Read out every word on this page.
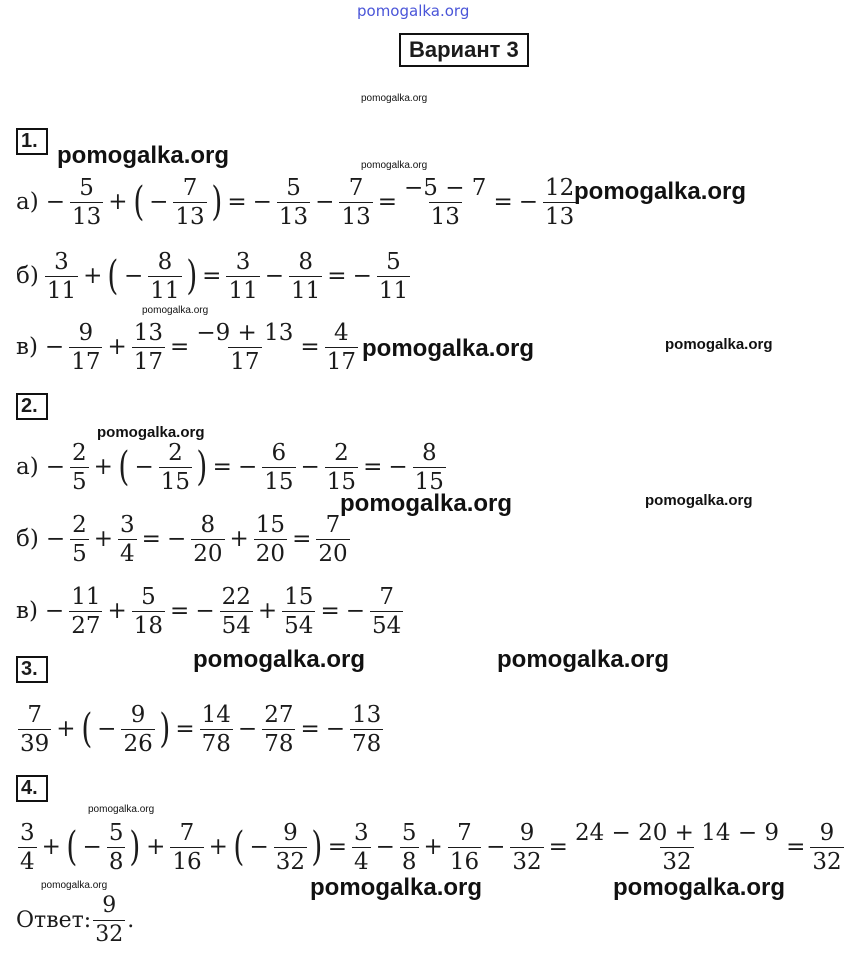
pomogalka.org
pomogalka.org
pomogalka.org	pomogalka.org
pomogalka.org
pomogalka.org
pomogalka.org	pomogalka.org
pomogalka.org
pomogalka.org	pomogalka.org
pomogalka.org	pomogalka.org
pomogalka.org
pomogalka.org	pomogalka.org	pomogalka.org
Вариант 3
1.
2.
3.
4.
$а) - \frac{5}{13}$ + ( − $\frac{7}{13}$ ) = − $\frac{5}{13} - \frac{7}{13} = \frac{-5 - 7}{13}$ = − $\frac{12}{13}$
$б) \frac{3}{11}$ + ( − $\frac{8}{11}$ ) = $\frac{3}{11} - \frac{8}{11}$ = − $\frac{5}{11}$
$в) - \frac{9}{17} + \frac{13}{17} = \frac{-9 + 13}{17} = \frac{4}{17}$
$а) - \frac{2}{5}$ + ( − $\frac{2}{15}$ ) = − $\frac{6}{15} - \frac{2}{15}$ = − $\frac{8}{15}$
$б) - \frac{2}{5} + \frac{3}{4}$ = − $\frac{8}{20} + \frac{15}{20} = \frac{7}{20}$
$в) - \frac{11}{27} + \frac{5}{18}$ = − $\frac{22}{54} + \frac{15}{54}$ = − $\frac{7}{54}$
$\frac{7}{39}$ + ( − $\frac{9}{26}$ ) = $\frac{14}{78} - \frac{27}{78}$ = − $\frac{13}{78}$
$\frac{3}{4}$ + ( − $\frac{5}{8}$ ) + $\frac{7}{16}$ + ( − $\frac{9}{32}$ ) = $\frac{3}{4} - \frac{5}{8} + \frac{7}{16} - \frac{9}{32} = \frac{24 - 20 + 14 - 9}{32} = \frac{9}{32}$
Ответ: $\frac{9}{32}$ .
